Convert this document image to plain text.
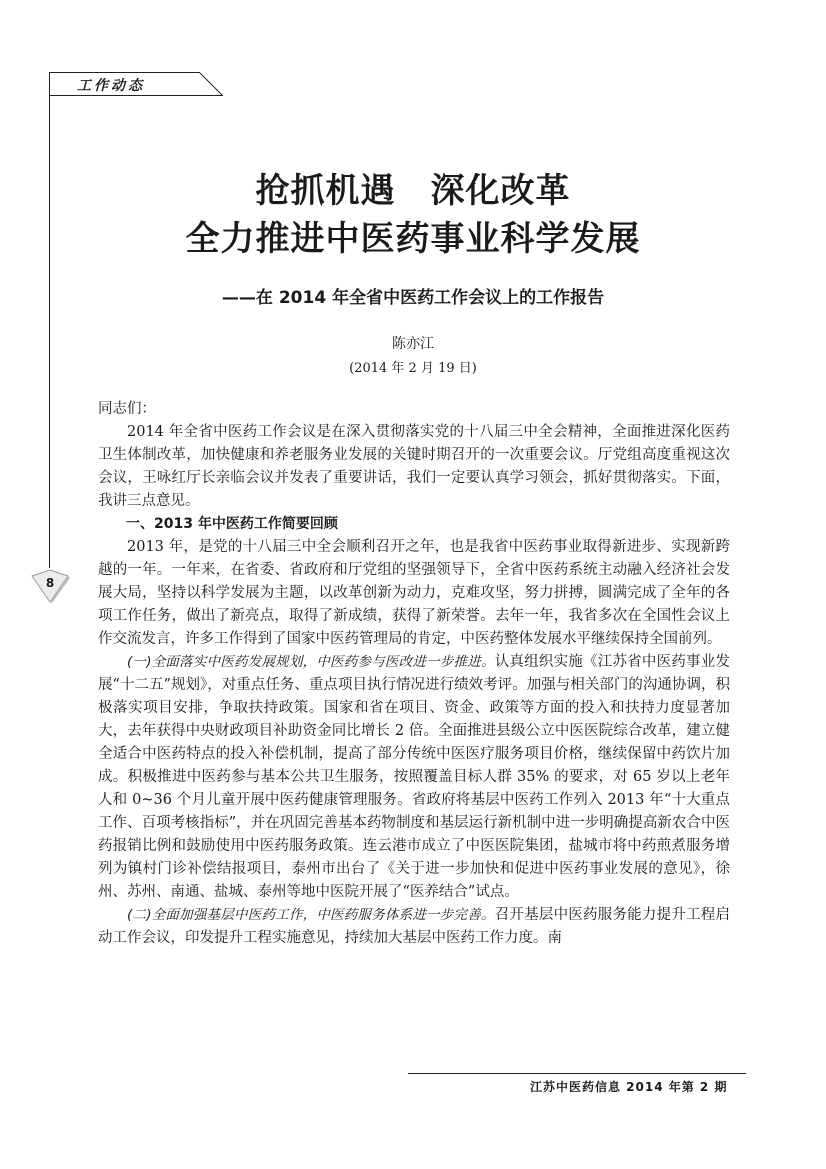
工作动态
8
抢抓机遇　深化改革
全力推进中医药事业科学发展
——在 2014 年全省中医药工作会议上的工作报告
陈亦江
(2014 年 2 月 19 日)

同志们：

2014 年全省中医药工作会议是在深入贯彻落实党的十八届三中全会精神，全面推进深化医药卫生体制改革，加快健康和养老服务业发展的关键时期召开的一次重要会议。厅党组高度重视这次会议，王咏红厅长亲临会议并发表了重要讲话，我们一定要认真学习领会，抓好贯彻落实。下面，我讲三点意见。

一、2013 年中医药工作简要回顾

2013 年，是党的十八届三中全会顺利召开之年，也是我省中医药事业取得新进步、实现新跨越的一年。一年来，在省委、省政府和厅党组的坚强领导下，全省中医药系统主动融入经济社会发展大局，坚持以科学发展为主题，以改革创新为动力，克难攻坚，努力拼搏，圆满完成了全年的各项工作任务，做出了新亮点，取得了新成绩，获得了新荣誉。去年一年，我省多次在全国性会议上作交流发言，许多工作得到了国家中医药管理局的肯定，中医药整体发展水平继续保持全国前列。

(一)全面落实中医药发展规划，中医药参与医改进一步推进。认真组织实施《江苏省中医药事业发展“十二五”规划》，对重点任务、重点项目执行情况进行绩效考评。加强与相关部门的沟通协调，积极落实项目安排，争取扶持政策。国家和省在项目、资金、政策等方面的投入和扶持力度显著加大，去年获得中央财政项目补助资金同比增长 2 倍。全面推进县级公立中医医院综合改革，建立健全适合中医药特点的投入补偿机制，提高了部分传统中医医疗服务项目价格，继续保留中药饮片加成。积极推进中医药参与基本公共卫生服务，按照覆盖目标人群 35% 的要求，对 65 岁以上老年人和 0~36 个月儿童开展中医药健康管理服务。省政府将基层中医药工作列入 2013 年“十大重点工作、百项考核指标”，并在巩固完善基本药物制度和基层运行新机制中进一步明确提高新农合中医药报销比例和鼓励使用中医药服务政策。连云港市成立了中医医院集团，盐城市将中药煎煮服务增列为镇村门诊补偿结报项目，泰州市出台了《关于进一步加快和促进中医药事业发展的意见》，徐州、苏州、南通、盐城、泰州等地中医院开展了“医养结合”试点。

(二)全面加强基层中医药工作，中医药服务体系进一步完善。召开基层中医药服务能力提升工程启动工作会议，印发提升工程实施意见，持续加大基层中医药工作力度。南

江苏中医药信息 2014 年第 2 期
